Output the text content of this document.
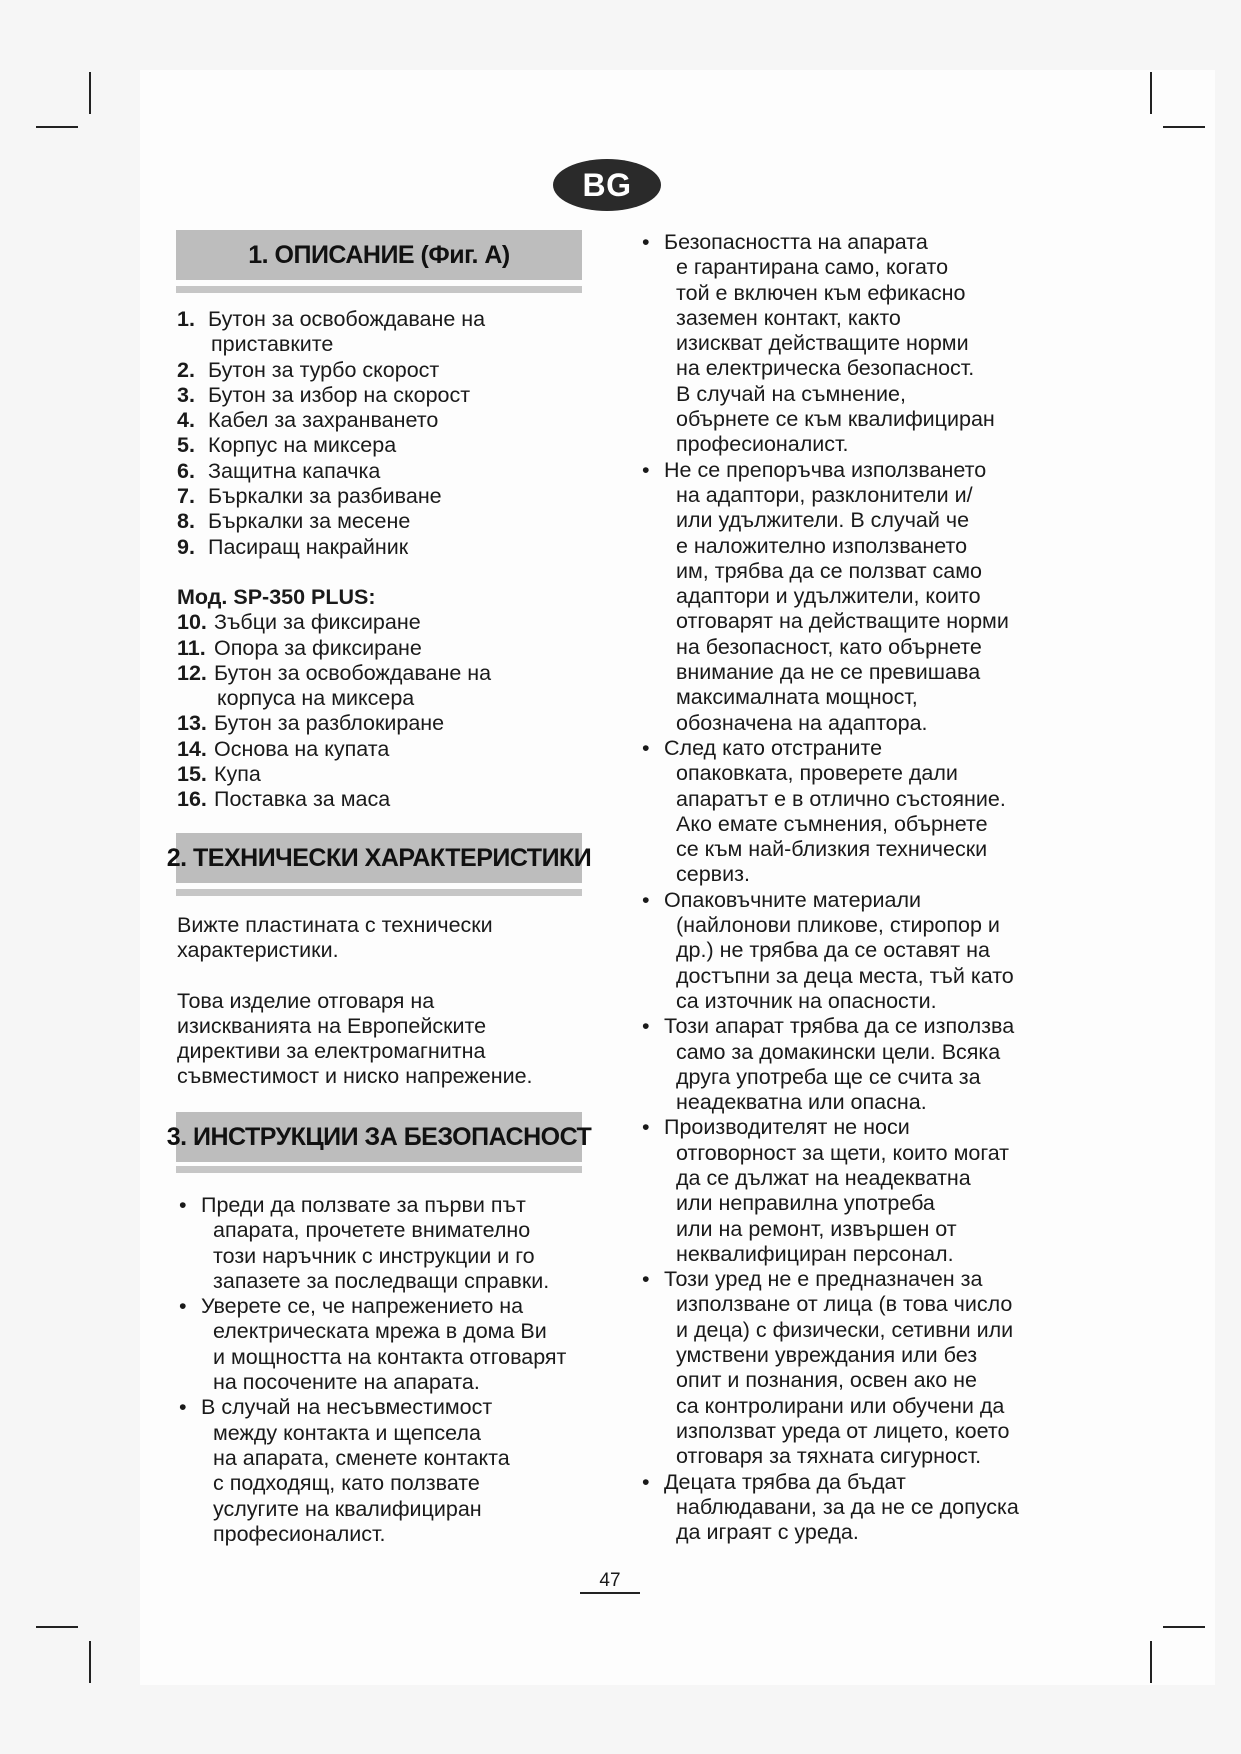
BG
1. ОПИСАНИЕ (Фиг. A)
1. Бутон за освобождаване на
приставките
2. Бутон за турбо скорост
3. Бутон за избор на скорост
4. Кабел за захранването
5. Корпус на миксера
6. Защитна капачка
7. Бъркалки за разбиване
8. Бъркалки за месене
9. Пасиращ накрайник
Мод. SP-350 PLUS:
10. Зъбци за фиксиране
11. Опора за фиксиране
12. Бутон за освобождаване на
корпуса на миксера
13. Бутон за разблокиране
14. Основа на купата
15. Купа
16. Поставка за маса
2. ТЕХНИЧЕСКИ ХАРАКТЕРИСТИКИ

Вижте пластината с технически
характеристики.

Това изделие отговаря на
изискванията на Европейските
директиви за електромагнитна
съвместимост и ниско напрежение.

3. ИНСТРУКЦИИ ЗА БЕЗОПАСНОСТ
• Преди да ползвате за първи път
апарата, прочетете внимателно
този наръчник с инструкции и го
запазете за последващи справки.
• Уверете се, че напрежението на
електрическата мрежа в дома Ви
и мощността на контакта отговарят
на посочените на апарата.
• В случай на несъвместимост
между контакта и щепсела
на апарата, сменете контакта
с подходящ, като ползвате
услугите на квалифициран
професионалист.
• Безопасността на апарата
е гарантирана само, когато
той е включен към ефикасно
заземен контакт, както
изискват действащите норми
на електрическа безопасност.
В случай на съмнение,
обърнете се към квалифициран
професионалист.
• Не се препоръчва използването
на адаптори, разклонители и/
или удължители. В случай че
е наложително използването
им, трябва да се ползват само
адаптори и удължители, които
отговарят на действащите норми
на безопасност, като обърнете
внимание да не се превишава
максималната мощност,
обозначена на адаптора.
• След като отстраните
опаковката, проверете дали
апаратът е в отлично състояние.
Ако емате съмнения, обърнете
се към най-близкия технически
сервиз.
• Опаковъчните материали
(найлонови пликове, стиропор и
др.) не трябва да се оставят на
достъпни за деца места, тъй като
са източник на опасности.
• Този апарат трябва да се използва
само за домакински цели. Всяка
друга употреба ще се счита за
неадекватна или опасна.
• Производителят не носи
отговорност за щети, които могат
да се дължат на неадекватна
или неправилна употреба
или на ремонт, извършен от
неквалифициран персонал.
• Този уред не е предназначен за
използване от лица (в това число
и деца) с физически, сетивни или
умствени увреждания или без
опит и познания, освен ако не
са контролирани или обучени да
използват уреда от лицето, което
отговаря за тяхната сигурност.
• Децата трябва да бъдат
наблюдавани, за да не се допуска
да играят с уреда.
47
